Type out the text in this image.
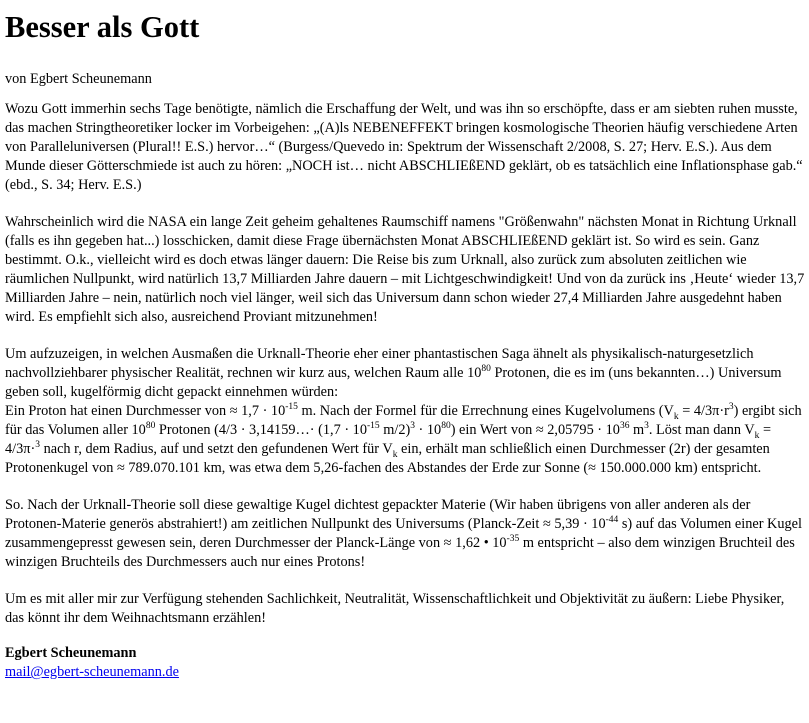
Besser als Gott

von Egbert Scheunemann

Wozu Gott immerhin sechs Tage benötigte, nämlich die Erschaffung der Welt, und was ihn so erschöpfte, dass er am siebten ruhen musste, das machen Stringtheoretiker locker im Vorbeigehen: „(A)ls NEBENEFFEKT bringen kosmologische Theorien häufig verschiedene Arten von Paralleluniversen (Plural!! E.S.) hervor…“ (Burgess/Quevedo in: Spektrum der Wissenschaft 2/2008, S. 27; Herv. E.S.). Aus dem Munde dieser Götterschmiede ist auch zu hören: „NOCH ist… nicht ABSCHLIEßEND geklärt, ob es tatsächlich eine Inflationsphase gab.“ (ebd., S. 34; Herv. E.S.)

Wahrscheinlich wird die NASA ein lange Zeit geheim gehaltenes Raumschiff namens "Größenwahn" nächsten Monat in Richtung Urknall (falls es ihn gegeben hat...) losschicken, damit diese Frage übernächsten Monat ABSCHLIEßEND geklärt ist. So wird es sein. Ganz bestimmt. O.k., vielleicht wird es doch etwas länger dauern: Die Reise bis zum Urknall, also zurück zum absoluten zeitlichen wie räumlichen Nullpunkt, wird natürlich 13,7 Milliarden Jahre dauern – mit Lichtgeschwindigkeit! Und von da zurück ins ‚Heute‘ wieder 13,7 Milliarden Jahre – nein, natürlich noch viel länger, weil sich das Universum dann schon wieder 27,4 Milliarden Jahre ausgedehnt haben wird. Es empfiehlt sich also, ausreichend Proviant mitzunehmen!

Um aufzuzeigen, in welchen Ausmaßen die Urknall-Theorie eher einer phantastischen Saga ähnelt als physikalisch-naturgesetzlich nachvollziehbarer physischer Realität, rechnen wir kurz aus, welchen Raum alle $10^{80}$ Protonen, die es im (uns bekannten…) Universum geben soll, kugelförmig dicht gepackt einnehmen würden:
Ein Proton hat einen Durchmesser von ≈ $1,7 \cdot 10^{-15}$ m. Nach der Formel für die Errechnung eines Kugelvolumens $(V_k = 4/3\pi\cdot r^3)$ ergibt sich für das Volumen aller $10^{80}$ Protonen (4/3 · 3,14159…· ($1,7 \cdot 10^{-15}$ $m/2)^3 \cdot 10^{80}$) ein Wert von ≈ $2,05795 \cdot 10^{36}$ $m^3$. Löst man dann $V_k = 4/3\pi\cdot^3$ nach r, dem Radius, auf und setzt den gefundenen Wert für $V_k$ ein, erhält man schließlich einen Durchmesser (2r) der gesamten Protonenkugel von ≈ 789.070.101 km, was etwa dem 5,26-fachen des Abstandes der Erde zur Sonne (≈ 150.000.000 km) entspricht.

So. Nach der Urknall-Theorie soll diese gewaltige Kugel dichtest gepackter Materie (Wir haben übrigens von aller anderen als der Protonen-Materie generös abstrahiert!) am zeitlichen Nullpunkt des Universums (Planck-Zeit ≈ $5,39 \cdot 10^{-44}$ s) auf das Volumen einer Kugel zusammengepresst gewesen sein, deren Durchmesser der Planck-Länge von ≈ 1,62 • $10^{-35}$ m entspricht – also dem winzigen Bruchteil des winzigen Bruchteils des Durchmessers auch nur eines Protons!

Um es mit aller mir zur Verfügung stehenden Sachlichkeit, Neutralität, Wissenschaftlichkeit und Objektivität zu äußern: Liebe Physiker, das könnt ihr dem Weihnachtsmann erzählen!

Egbert Scheunemann

mail@egbert-scheunemann.de
